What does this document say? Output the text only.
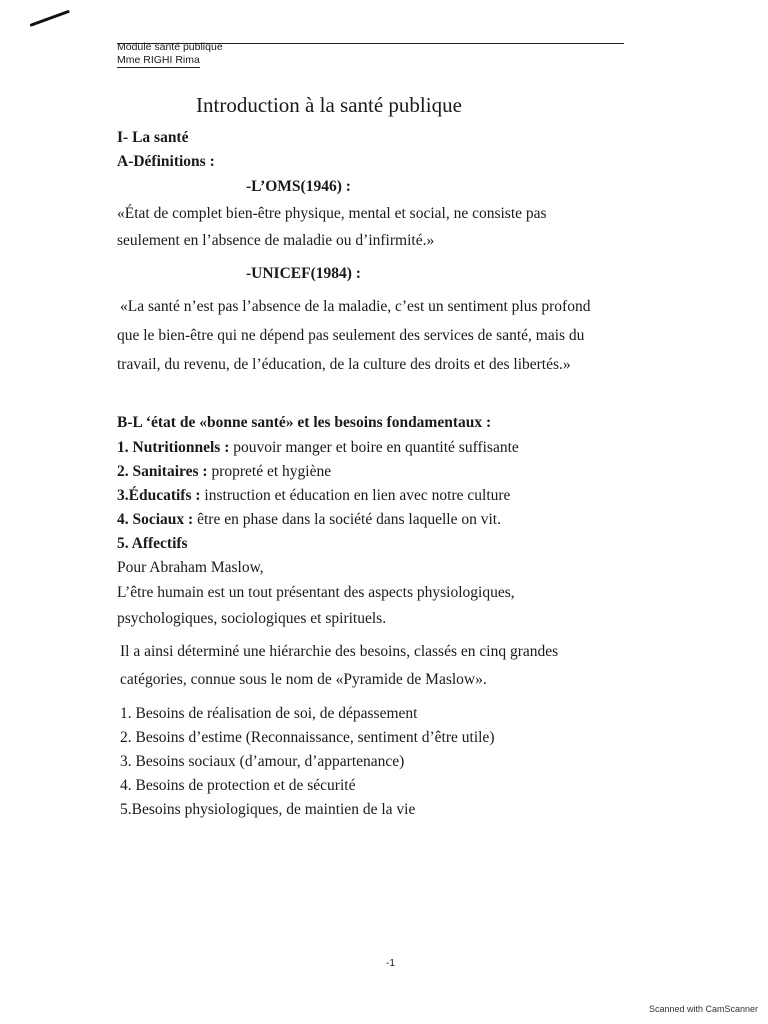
Module santé publique
Mme RIGHI Rima
Introduction à la santé publique
I- La santé
A-Définitions :
-L’OMS(1946) :
«État de complet bien-être physique, mental et social, ne consiste pas
seulement en l’absence de maladie ou d’infirmité.»
-UNICEF(1984) :
«La santé n’est pas l’absence de la maladie, c’est un sentiment plus profond
que le bien-être qui ne dépend pas seulement des services de santé, mais du
travail, du revenu, de l’éducation, de la culture des droits et des libertés.»
B-L ‘état de «bonne santé» et les besoins fondamentaux :
1. Nutritionnels : pouvoir manger et boire en quantité suffisante
2. Sanitaires : propreté et hygiène
3.Éducatifs : instruction et éducation en lien avec notre culture
4. Sociaux : être en phase dans la société dans laquelle on vit.
5. Affectifs
Pour Abraham Maslow,
L’être humain est un tout présentant des aspects physiologiques,
psychologiques, sociologiques et spirituels.
Il a ainsi déterminé une hiérarchie des besoins, classés en cinq grandes
catégories, connue sous le nom de «Pyramide de Maslow».
1. Besoins de réalisation de soi, de dépassement
2. Besoins d’estime (Reconnaissance, sentiment d’être utile)
3. Besoins sociaux (d’amour, d’appartenance)
4. Besoins de protection et de sécurité
5.Besoins physiologiques, de maintien de la vie
-1
Scanned with CamScanner
